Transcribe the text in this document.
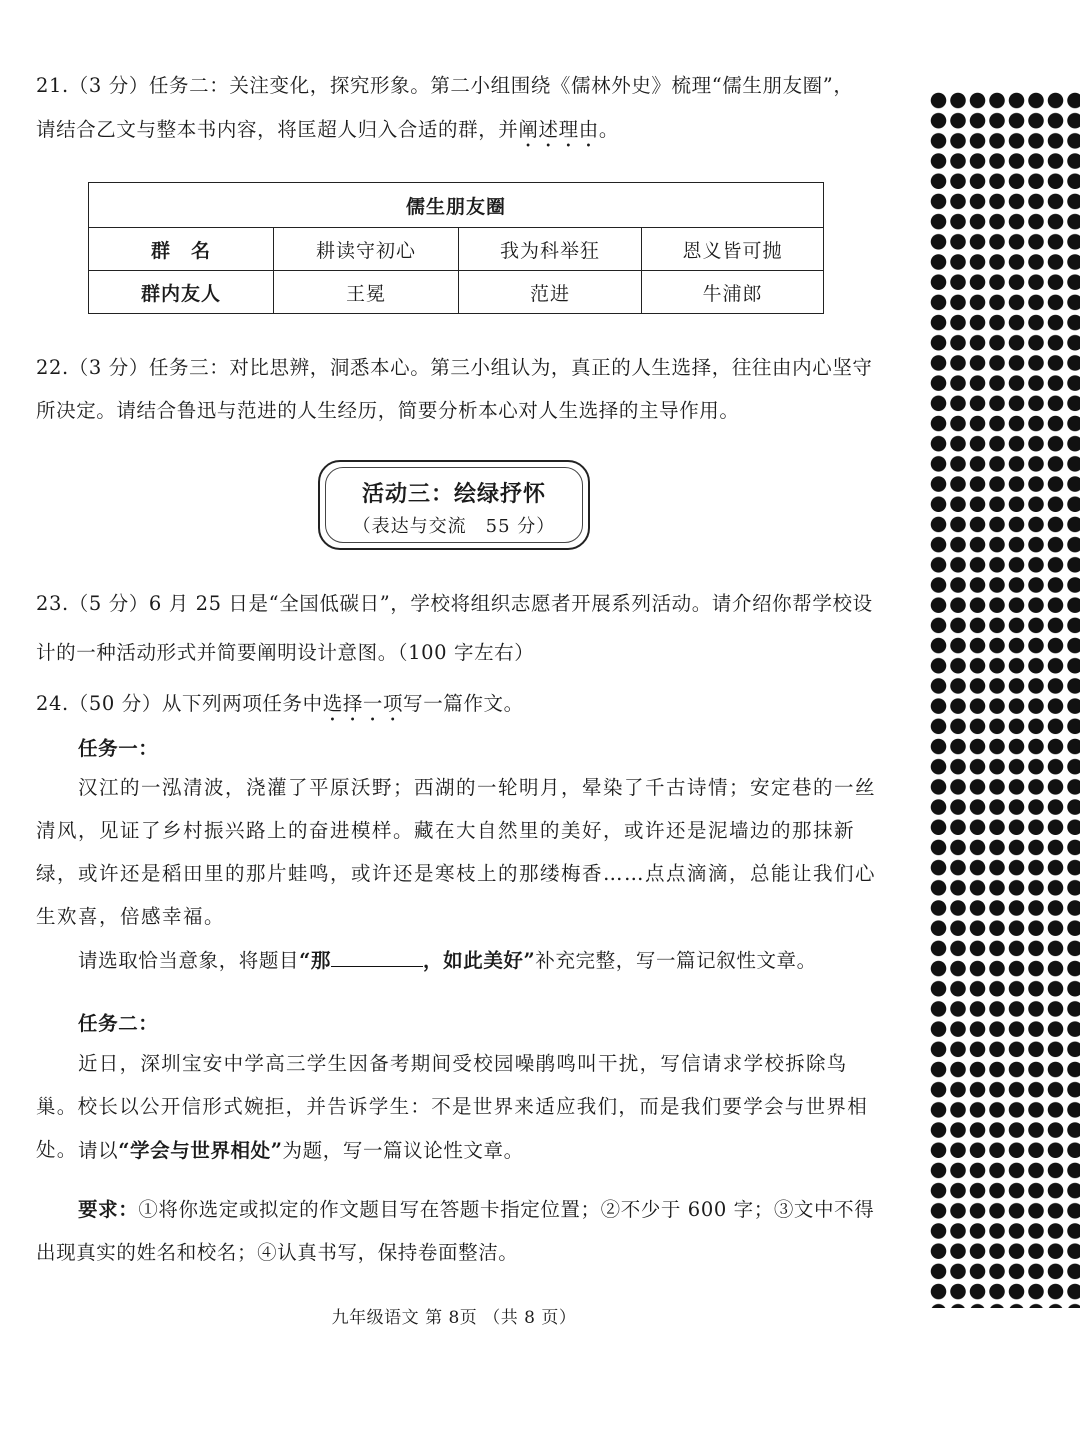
21.（3 分）任务二：关注变化，探究形象。第二小组围绕《儒林外史》梳理“儒生朋友圈”，
请结合乙文与整本书内容，将匡超人归入合适的群，并阐述理由。
儒生朋友圈			
群　名	耕读守初心	我为科举狂	恩义皆可抛
群内友人	王冕	范进	牛浦郎
22.（3 分）任务三：对比思辨，洞悉本心。第三小组认为，真正的人生选择，往往由内心坚守所决定。请结合鲁迅与范进的人生经历，简要分析本心对人生选择的主导作用。
活动三：绘绿抒怀
（表达与交流　55 分）
23.（5 分）6 月 25 日是“全国低碳日”，学校将组织志愿者开展系列活动。请介绍你帮学校设
计的一种活动形式并简要阐明设计意图。（100 字左右）
24.（50 分）从下列两项任务中选择一项写一篇作文。
任务一：
汉江的一泓清波，浇灌了平原沃野；西湖的一轮明月，晕染了千古诗情；安定巷的一丝清风，见证了乡村振兴路上的奋进模样。藏在大自然里的美好，或许还是泥墙边的那抹新绿，或许还是稻田里的那片蛙鸣，或许还是寒枝上的那缕梅香……点点滴滴，总能让我们心生欢喜，倍感幸福。
请选取恰当意象，将题目“那	，如此美好”补充完整，写一篇记叙性文章。
任务二：
近日，深圳宝安中学高三学生因备考期间受校园噪鹃鸣叫干扰，写信请求学校拆除鸟巢。校长以公开信形式婉拒，并告诉学生：不是世界来适应我们，而是我们要学会与世界相处。 请以“学会与世界相处”为题，写一篇议论性文章。
要求：①将你选定或拟定的作文题目写在答题卡指定位置；②不少于 600 字；③文中不得出现真实的姓名和校名；④认真书写，保持卷面整洁。
九年级语文 第 8页 （共 8 页）
